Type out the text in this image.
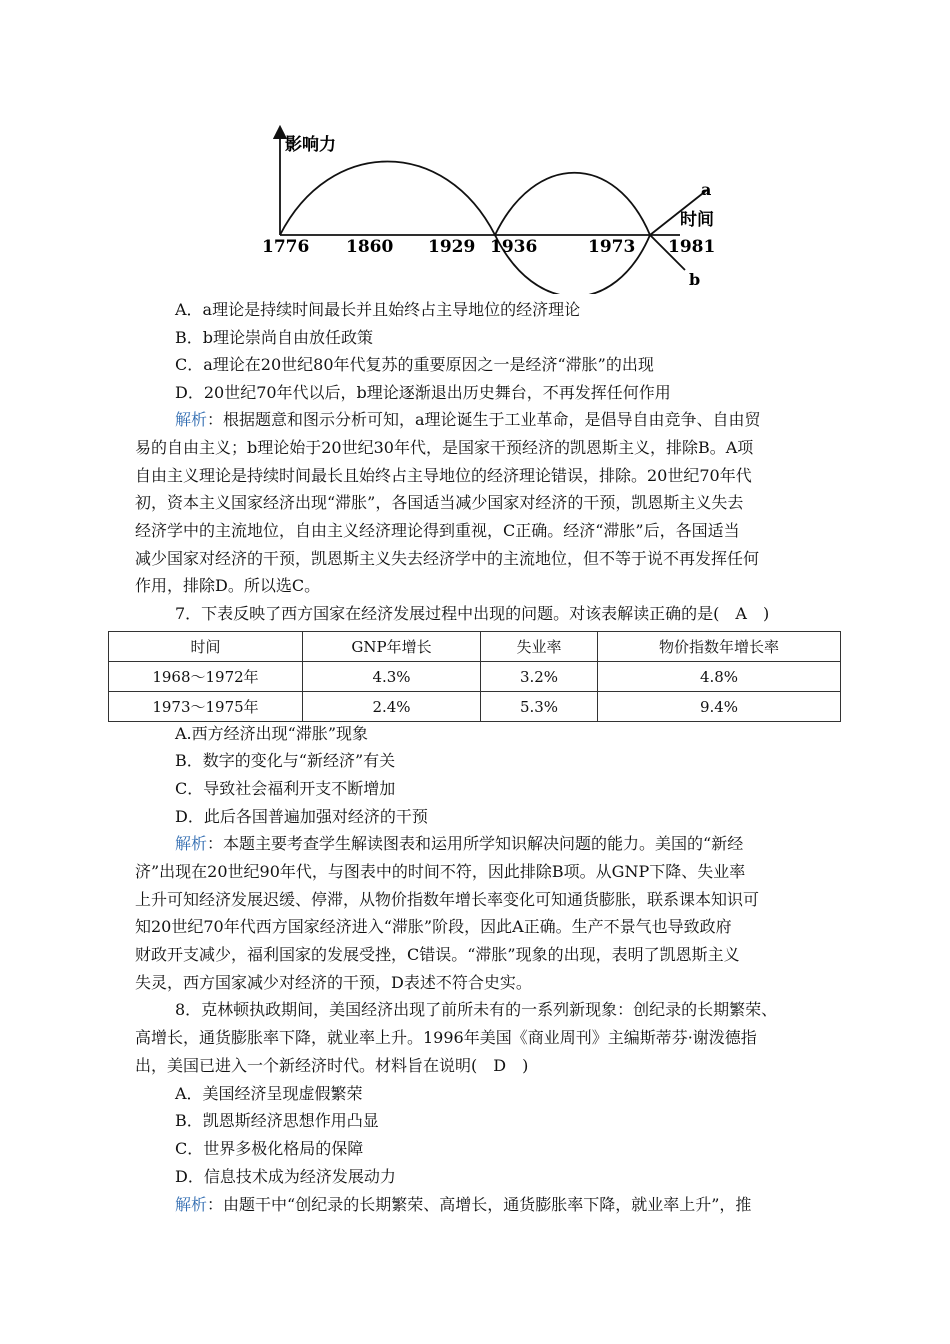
影响力
时间
a
b
1776 1860 1929 1936	1973 1981
A．a理论是持续时间最长并且始终占主导地位的经济理论
B．b理论崇尚自由放任政策
C．a理论在20世纪80年代复苏的重要原因之一是经济“滞胀”的出现
D．20世纪70年代以后，b理论逐渐退出历史舞台，不再发挥任何作用
解析：根据题意和图示分析可知，a理论诞生于工业革命，是倡导自由竞争、自由贸
易的自由主义；b理论始于20世纪30年代，是国家干预经济的凯恩斯主义，排除B。A项
自由主义理论是持续时间最长且始终占主导地位的经济理论错误，排除。20世纪70年代
初，资本主义国家经济出现“滞胀”，各国适当减少国家对经济的干预，凯恩斯主义失去
经济学中的主流地位，自由主义经济理论得到重视，C正确。经济“滞胀”后，各国适当
减少国家对经济的干预，凯恩斯主义失去经济学中的主流地位，但不等于说不再发挥任何
作用，排除D。所以选C。
7．下表反映了西方国家在经济发展过程中出现的问题。对该表解读正确的是(　A　)
时间	GNP年增长	失业率	物价指数年增长率
1968～1972年	4.3%	3.2%	4.8%
1973～1975年	2.4%	5.3%	9.4%
A.西方经济出现“滞胀”现象
B．数字的变化与“新经济”有关
C．导致社会福利开支不断增加
D．此后各国普遍加强对经济的干预
解析：本题主要考查学生解读图表和运用所学知识解决问题的能力。美国的“新经
济”出现在20世纪90年代，与图表中的时间不符，因此排除B项。从GNP下降、失业率
上升可知经济发展迟缓、停滞，从物价指数年增长率变化可知通货膨胀，联系课本知识可
知20世纪70年代西方国家经济进入“滞胀”阶段，因此A正确。生产不景气也导致政府
财政开支减少，福利国家的发展受挫，C错误。“滞胀”现象的出现，表明了凯恩斯主义
失灵，西方国家减少对经济的干预，D表述不符合史实。
8．克林顿执政期间，美国经济出现了前所未有的一系列新现象：创纪录的长期繁荣、
高增长，通货膨胀率下降，就业率上升。1996年美国《商业周刊》主编斯蒂芬·谢泼德指
出，美国已进入一个新经济时代。材料旨在说明(　D　)
A．美国经济呈现虚假繁荣
B．凯恩斯经济思想作用凸显
C．世界多极化格局的保障
D．信息技术成为经济发展动力
解析：由题干中“创纪录的长期繁荣、高增长，通货膨胀率下降，就业率上升”，推
